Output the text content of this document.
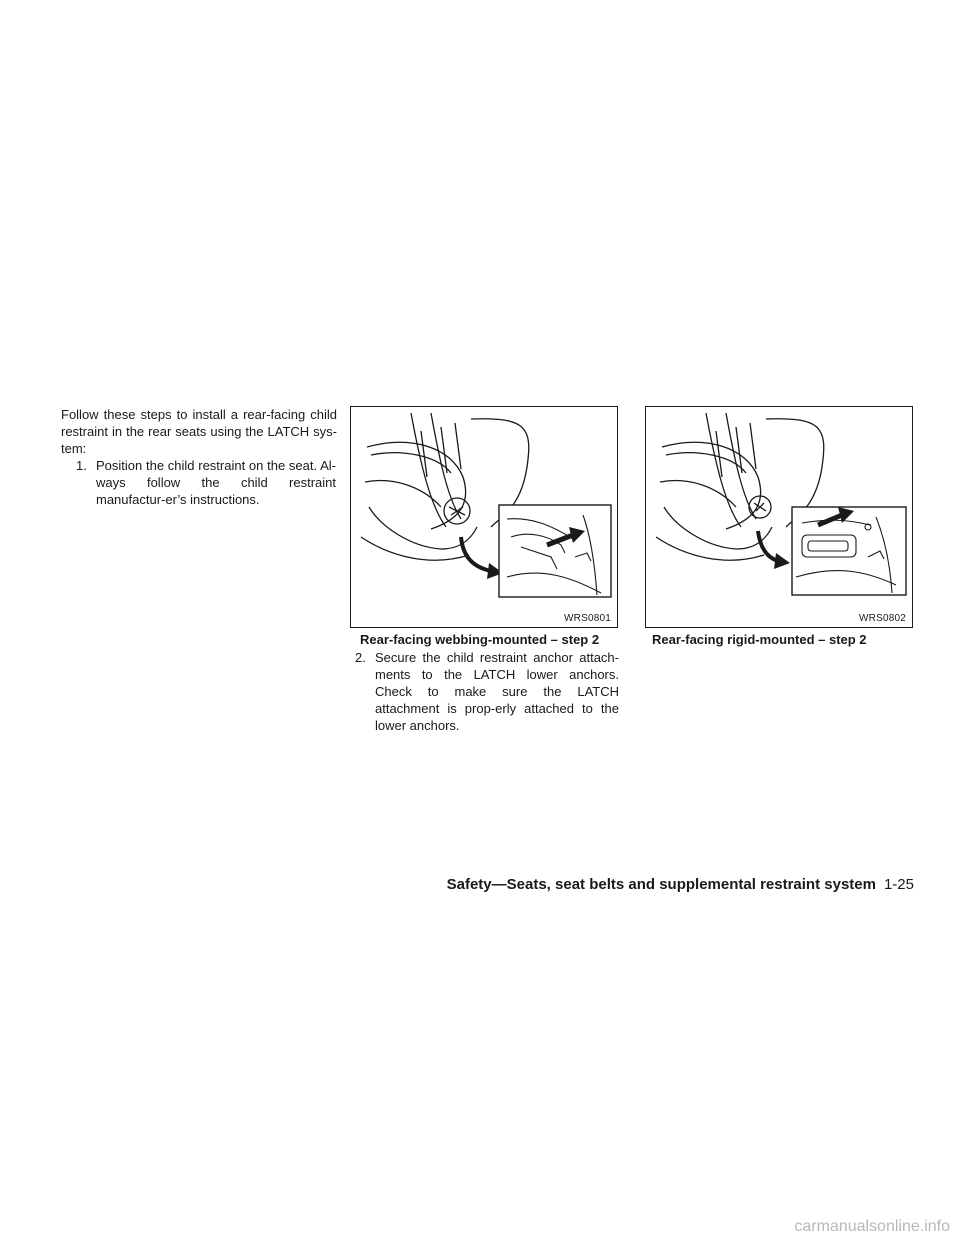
Follow these steps to install a rear-facing child restraint in the rear seats using the LATCH sys-tem:
1. Position the child restraint on the seat. Al-ways follow the child restraint manufactur-er’s instructions.
WRS0801
Rear-facing webbing-mounted – step 2
WRS0802
Rear-facing rigid-mounted – step 2
2. Secure the child restraint anchor attach-ments to the LATCH lower anchors. Check to make sure the LATCH attachment is prop-erly attached to the lower anchors.
Safety—Seats, seat belts and supplemental restraint system 1-25
carmanualsonline.info
